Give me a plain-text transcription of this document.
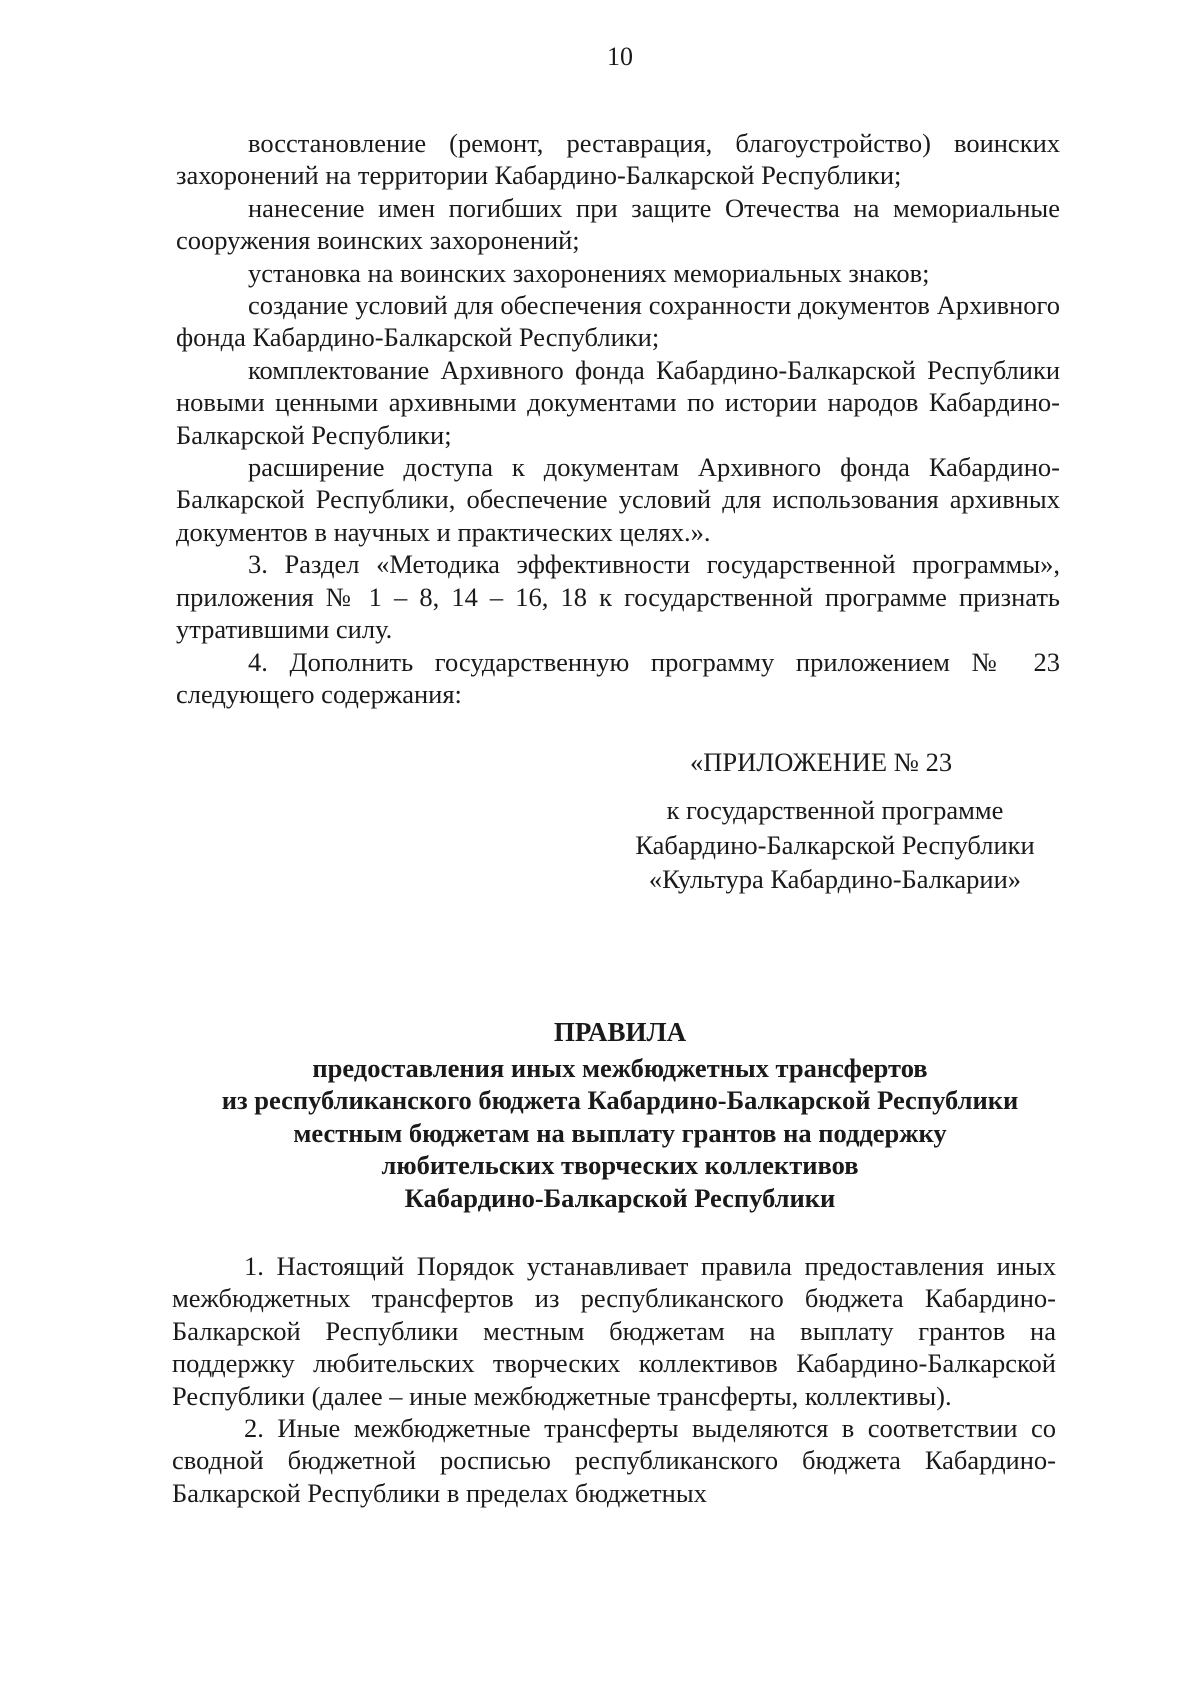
10

восстановление (ремонт, реставрация, благоустройство) воинских захоронений на территории Кабардино-Балкарской Республики;

нанесение имен погибших при защите Отечества на мемориальные сооружения воинских захоронений;

установка на воинских захоронениях мемориальных знаков;

создание условий для обеспечения сохранности документов Архивного фонда Кабардино-Балкарской Республики;

комплектование Архивного фонда Кабардино-Балкарской Республики новыми ценными архивными документами по истории народов Кабардино-Балкарской Республики;

расширение доступа к документам Архивного фонда Кабардино-Балкарской Республики, обеспечение условий для использования архивных документов в научных и практических целях.».

3. Раздел «Методика эффективности государственной программы», приложения № 1 – 8, 14 – 16, 18 к государственной программе признать утратившими силу.

4. Дополнить государственную программу приложением № 23 следующего содержания:

«ПРИЛОЖЕНИЕ № 23
к государственной программе
Кабардино-Балкарской Республики
«Культура Кабардино-Балкарии»
ПРАВИЛА
предоставления иных межбюджетных трансфертов
из республиканского бюджета Кабардино-Балкарской Республики
местным бюджетам на выплату грантов на поддержку
любительских творческих коллективов
Кабардино-Балкарской Республики

1. Настоящий Порядок устанавливает правила предоставления иных межбюджетных трансфертов из республиканского бюджета Кабардино-Балкарской Республики местным бюджетам на выплату грантов на поддержку любительских творческих коллективов Кабардино-Балкарской Республики (далее – иные межбюджетные трансферты, коллективы).

2. Иные межбюджетные трансферты выделяются в соответствии со сводной бюджетной росписью республиканского бюджета Кабардино-Балкарской Республики в пределах бюджетных
